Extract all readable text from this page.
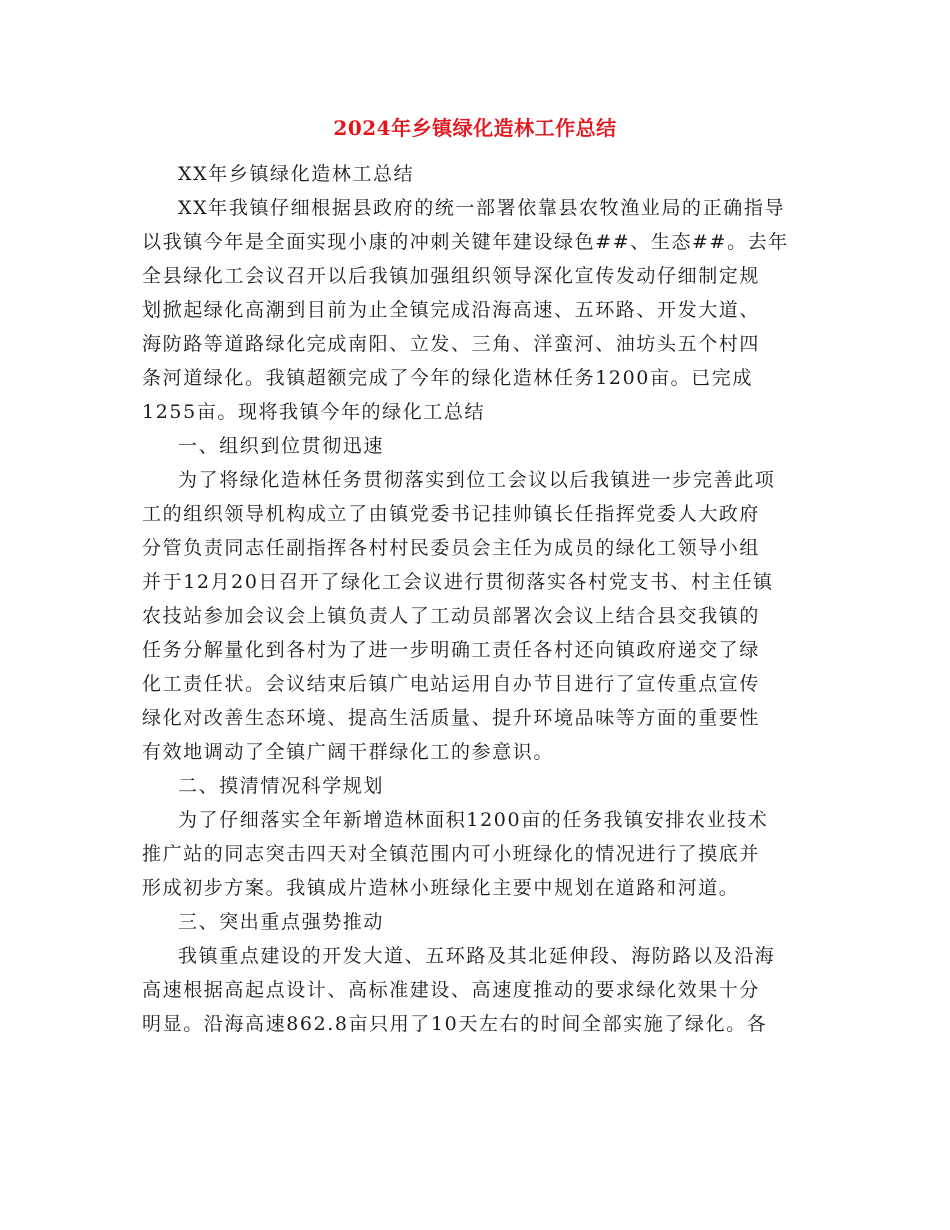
2024年乡镇绿化造林工作总结
XX年乡镇绿化造林工总结
XX年我镇仔细根据县政府的统一部署依靠县农牧渔业局的正确指导
以我镇今年是全面实现小康的冲刺关键年建设绿色##、生态##。去年
全县绿化工会议召开以后我镇加强组织领导深化宣传发动仔细制定规
划掀起绿化高潮到目前为止全镇完成沿海高速、五环路、开发大道、
海防路等道路绿化完成南阳、立发、三角、洋蛮河、油坊头五个村四
条河道绿化。我镇超额完成了今年的绿化造林任务1200亩。已完成
1255亩。现将我镇今年的绿化工总结
一、组织到位贯彻迅速
为了将绿化造林任务贯彻落实到位工会议以后我镇进一步完善此项
工的组织领导机构成立了由镇党委书记挂帅镇长任指挥党委人大政府
分管负责同志任副指挥各村村民委员会主任为成员的绿化工领导小组
并于12月20日召开了绿化工会议进行贯彻落实各村党支书、村主任镇
农技站参加会议会上镇负责人了工动员部署次会议上结合县交我镇的
任务分解量化到各村为了进一步明确工责任各村还向镇政府递交了绿
化工责任状。会议结束后镇广电站运用自办节目进行了宣传重点宣传
绿化对改善生态环境、提高生活质量、提升环境品味等方面的重要性
有效地调动了全镇广阔干群绿化工的参意识。
二、摸清情况科学规划
为了仔细落实全年新增造林面积1200亩的任务我镇安排农业技术
推广站的同志突击四天对全镇范围内可小班绿化的情况进行了摸底并
形成初步方案。我镇成片造林小班绿化主要中规划在道路和河道。
三、突出重点强势推动
我镇重点建设的开发大道、五环路及其北延伸段、海防路以及沿海
高速根据高起点设计、高标准建设、高速度推动的要求绿化效果十分
明显。沿海高速862.8亩只用了10天左右的时间全部实施了绿化。各
